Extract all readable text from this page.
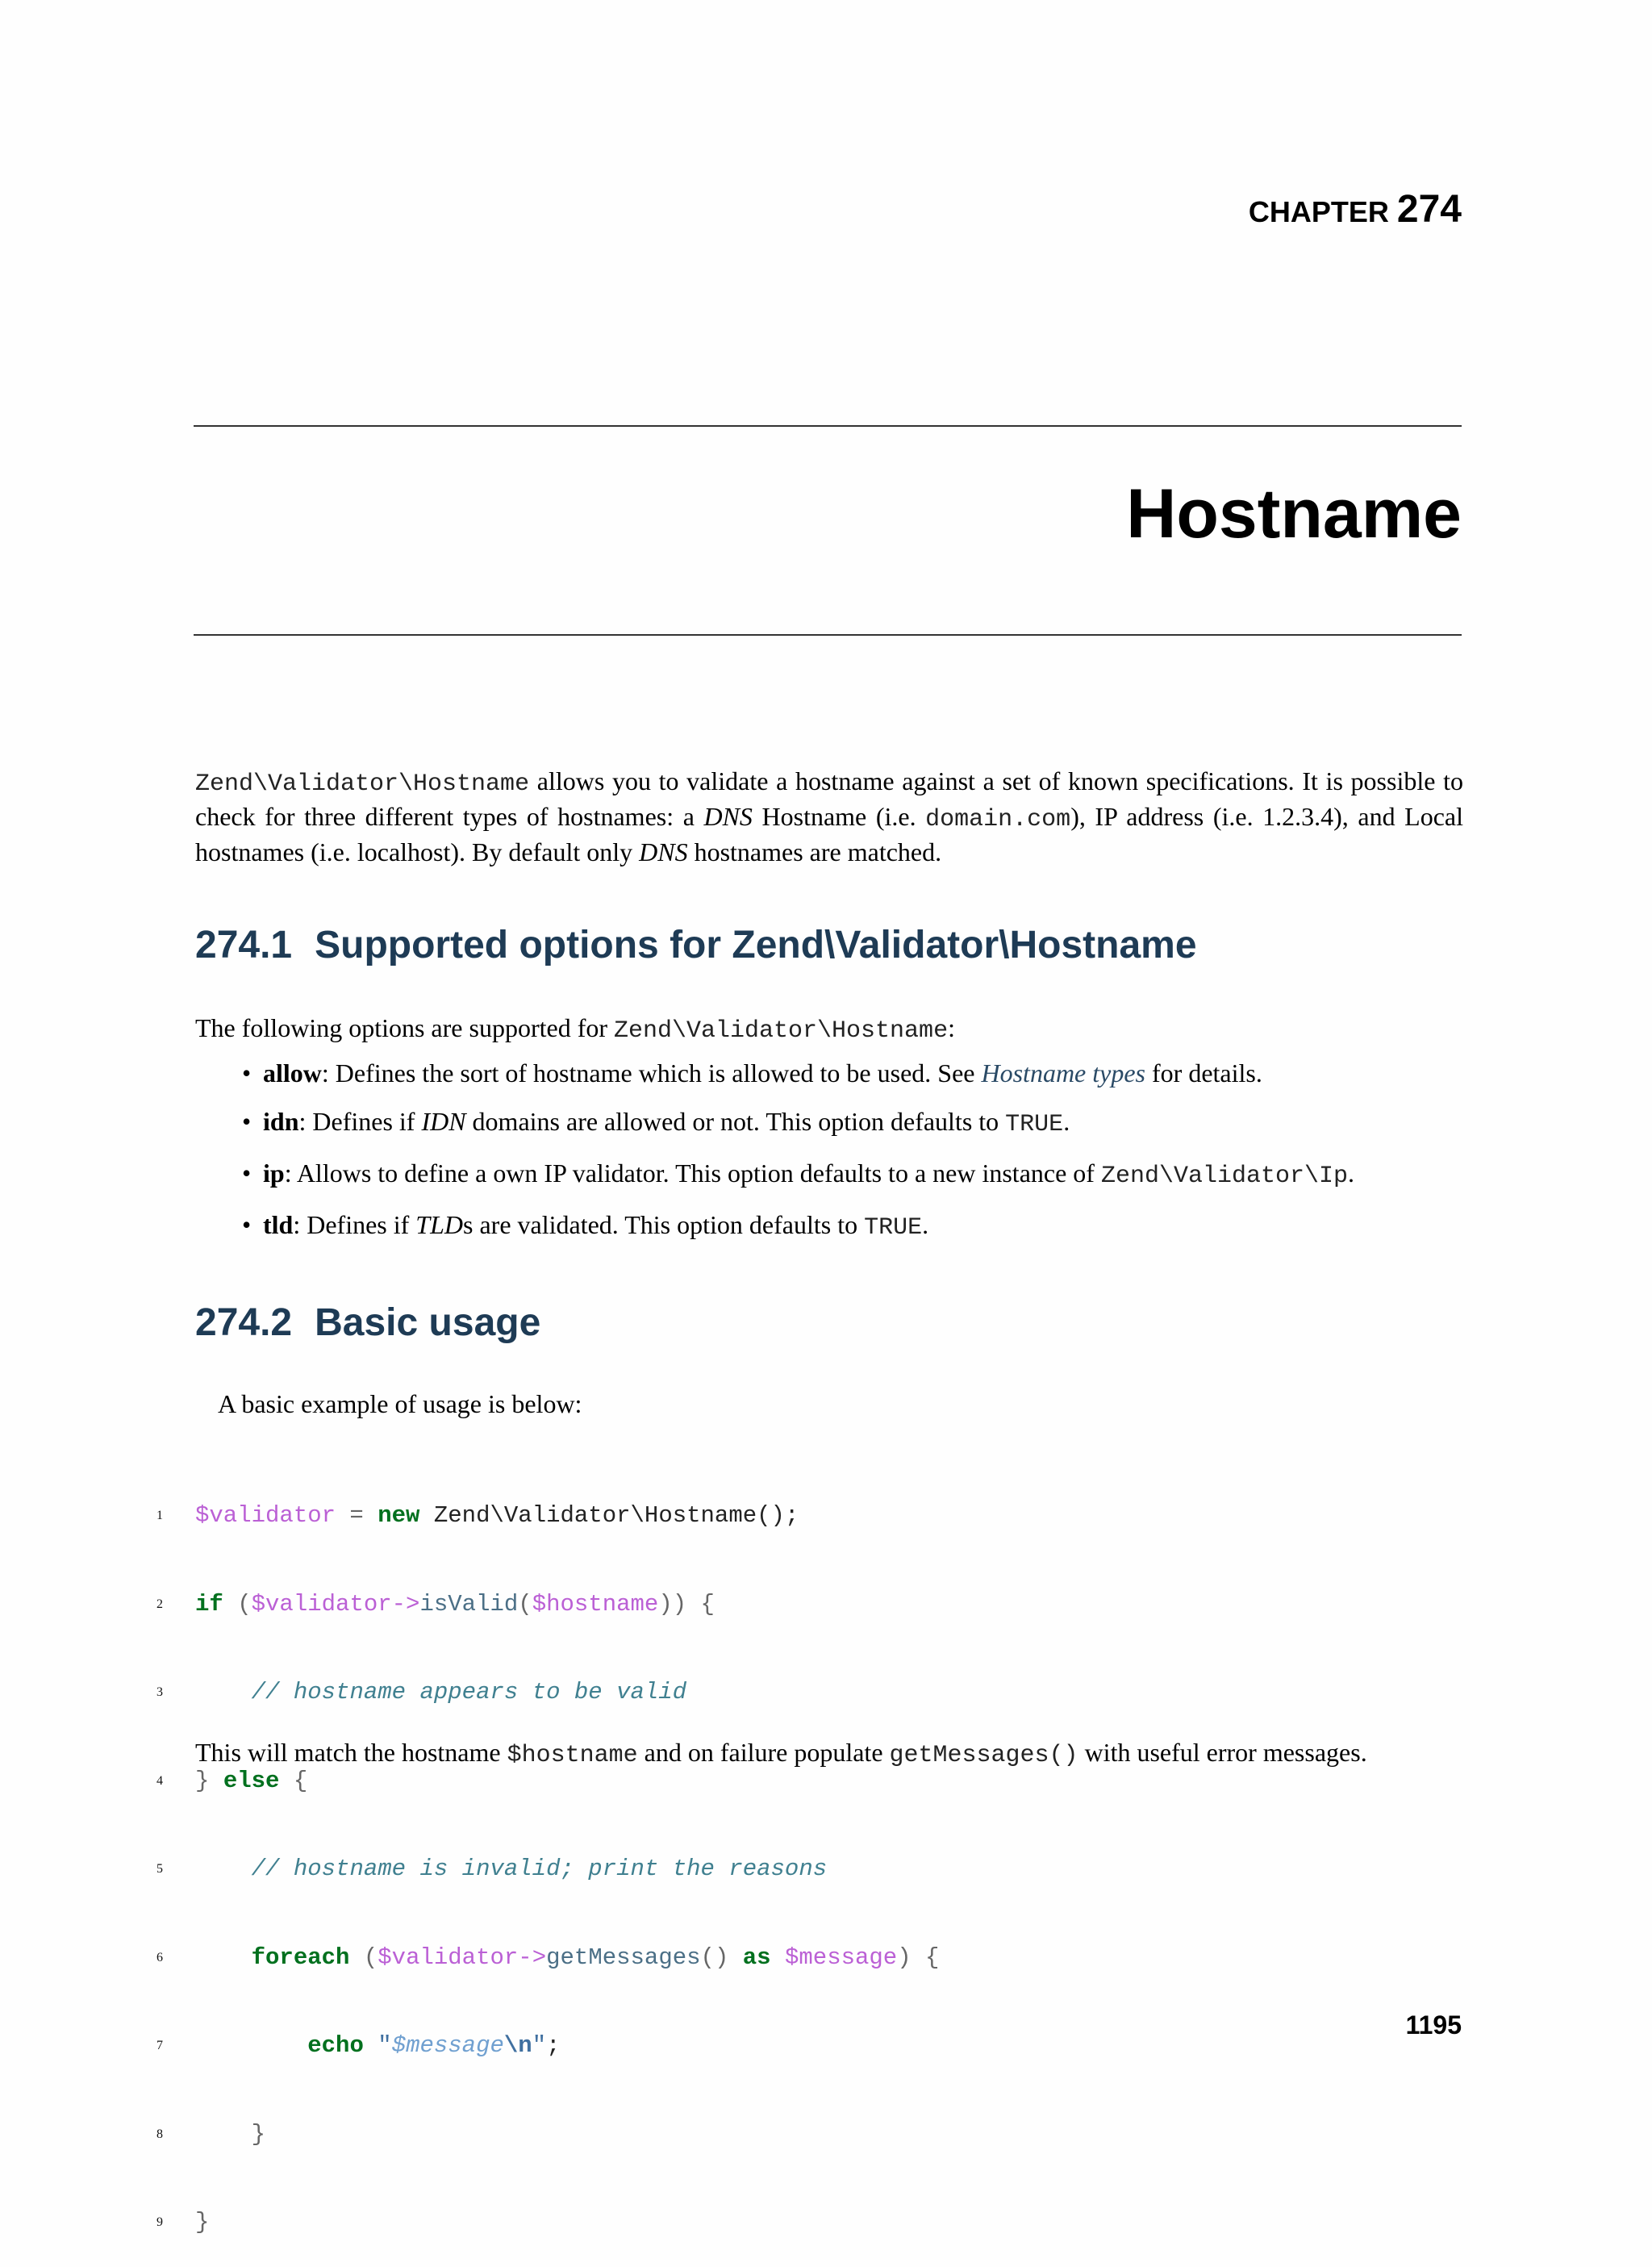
CHAPTER 274
Hostname

Zend\Validator\Hostname allows you to validate a hostname against a set of known specifications. It is possible to check for three different types of hostnames: a DNS Hostname (i.e. domain.com), IP address (i.e. 1.2.3.4), and Local hostnames (i.e. localhost). By default only DNS hostnames are matched.

274.1 Supported options for Zend\Validator\Hostname

The following options are supported for Zend\Validator\Hostname:

• allow: Defines the sort of hostname which is allowed to be used. See Hostname types for details.
• idn: Defines if IDN domains are allowed or not. This option defaults to TRUE.
• ip: Allows to define a own IP validator. This option defaults to a new instance of Zend\Validator\Ip.
• tld: Defines if TLDs are validated. This option defaults to TRUE.
274.2 Basic usage

A basic example of usage is below:

1 $validator = new Zend\Validator\Hostname();

2 if ($validator->isValid($hostname)) {

3	// hostname appears to be valid

4 } else {

5	// hostname is invalid; print the reasons

6	foreach ($validator->getMessages() as $message) {

7	echo "$message\n";

8 }

9 }

This will match the hostname $hostname and on failure populate getMessages() with useful error messages.

1195
